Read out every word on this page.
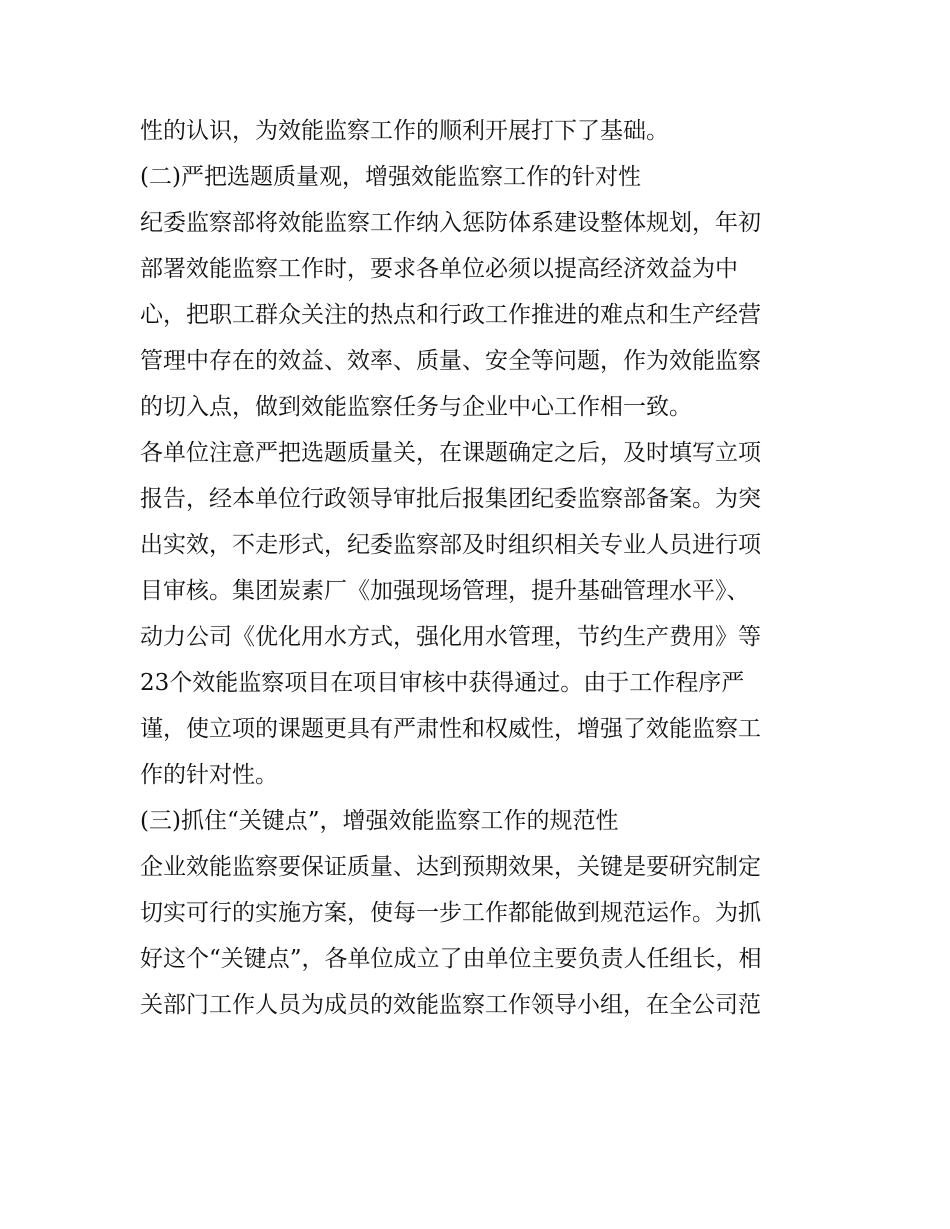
性的认识，为效能监察工作的顺利开展打下了基础。

(二)严把选题质量观，增强效能监察工作的针对性

纪委监察部将效能监察工作纳入惩防体系建设整体规划，年初

部署效能监察工作时，要求各单位必须以提高经济效益为中

心，把职工群众关注的热点和行政工作推进的难点和生产经营

管理中存在的效益、效率、质量、安全等问题，作为效能监察

的切入点，做到效能监察任务与企业中心工作相一致。

各单位注意严把选题质量关，在课题确定之后，及时填写立项

报告，经本单位行政领导审批后报集团纪委监察部备案。为突

出实效，不走形式，纪委监察部及时组织相关专业人员进行项

目审核。集团炭素厂《加强现场管理，提升基础管理水平》、

动力公司《优化用水方式，强化用水管理，节约生产费用》等

23个效能监察项目在项目审核中获得通过。由于工作程序严

谨，使立项的课题更具有严肃性和权威性，增强了效能监察工

作的针对性。

(三)抓住“关键点”，增强效能监察工作的规范性

企业效能监察要保证质量、达到预期效果，关键是要研究制定

切实可行的实施方案，使每一步工作都能做到规范运作。为抓

好这个“关键点”，各单位成立了由单位主要负责人任组长，相

关部门工作人员为成员的效能监察工作领导小组，在全公司范
